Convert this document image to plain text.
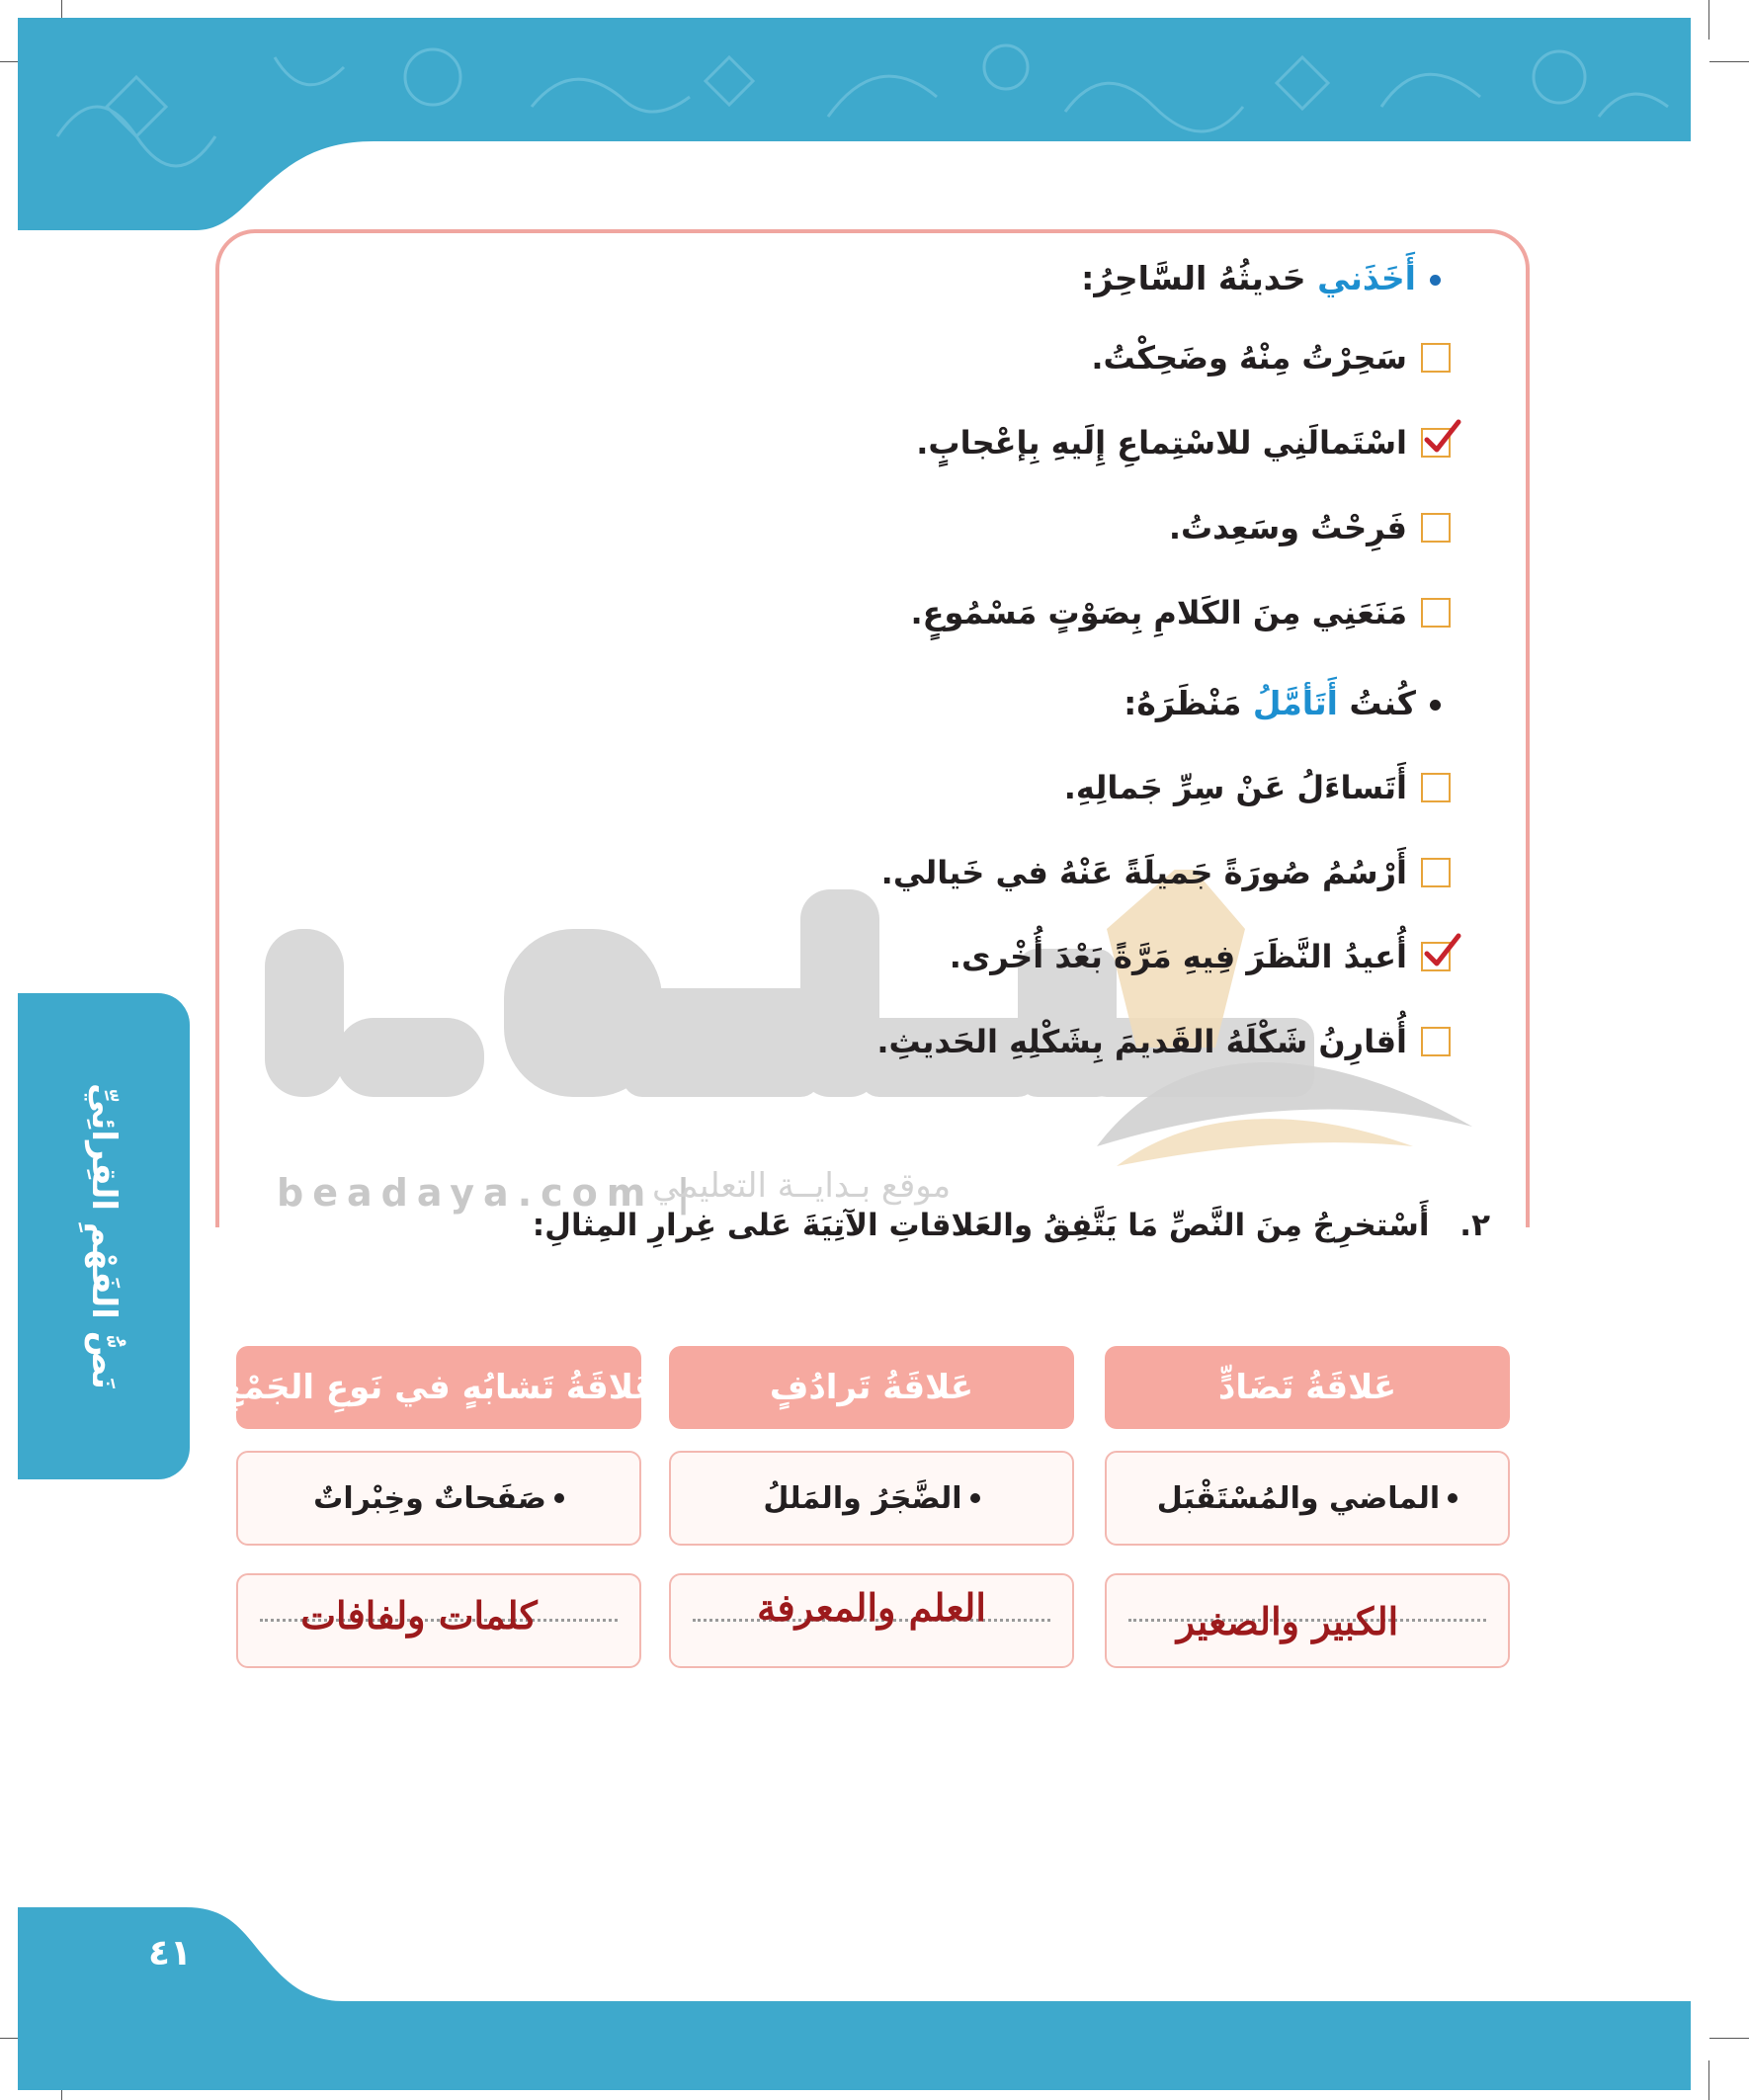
beadaya.com |
موقع بـدايــة التعليمي
أَخَذَني حَديثُهُ السَّاحِرُ:
سَحِرْتُ مِنْهُ وضَحِكْتُ.
اسْتَمالَنِي للاسْتِماعِ إِلَيهِ بِإعْجابٍ.
فَرِحْتُ وسَعِدتُ.
مَنَعَنِي مِنَ الكَلامِ بِصَوْتٍ مَسْمُوعٍ.
كُنتُ أَتَأمَّلُ مَنْظَرَهُ:
أَتَساءَلُ عَنْ سِرِّ جَمالِهِ.
أَرْسُمُ صُورَةً جَميلَةً عَنْهُ في خَيالي.
أُعيدُ النَّظَرَ فِيهِ مَرَّةً بَعْدَ أُخْرى.
أُقارِنُ شَكْلَهُ القَديمَ بِشَكْلِهِ الحَديثِ.
٢. أَسْتخرِجُ مِنَ النَّصِّ مَا يَتَّفِقُ والعَلاقاتِ الآتِيَةَ عَلى غِرارِ المِثالِ:
عَلاقَةُ تَضَادٍّ
الماضي والمُسْتَقْبَل
الكبير والصغير
عَلاقَةُ تَرادُفٍ
الضَّجَرُ والمَللُ
العلم والمعرفة
عَلاقَةُ تَشابُهٍ في نَوعِ الجَمْعِ
صَفَحاتٌ وخِبْراتٌ
كلمات ولفافات
نَصُّ الفَهْمِ القِرائِيِّ
٤١
